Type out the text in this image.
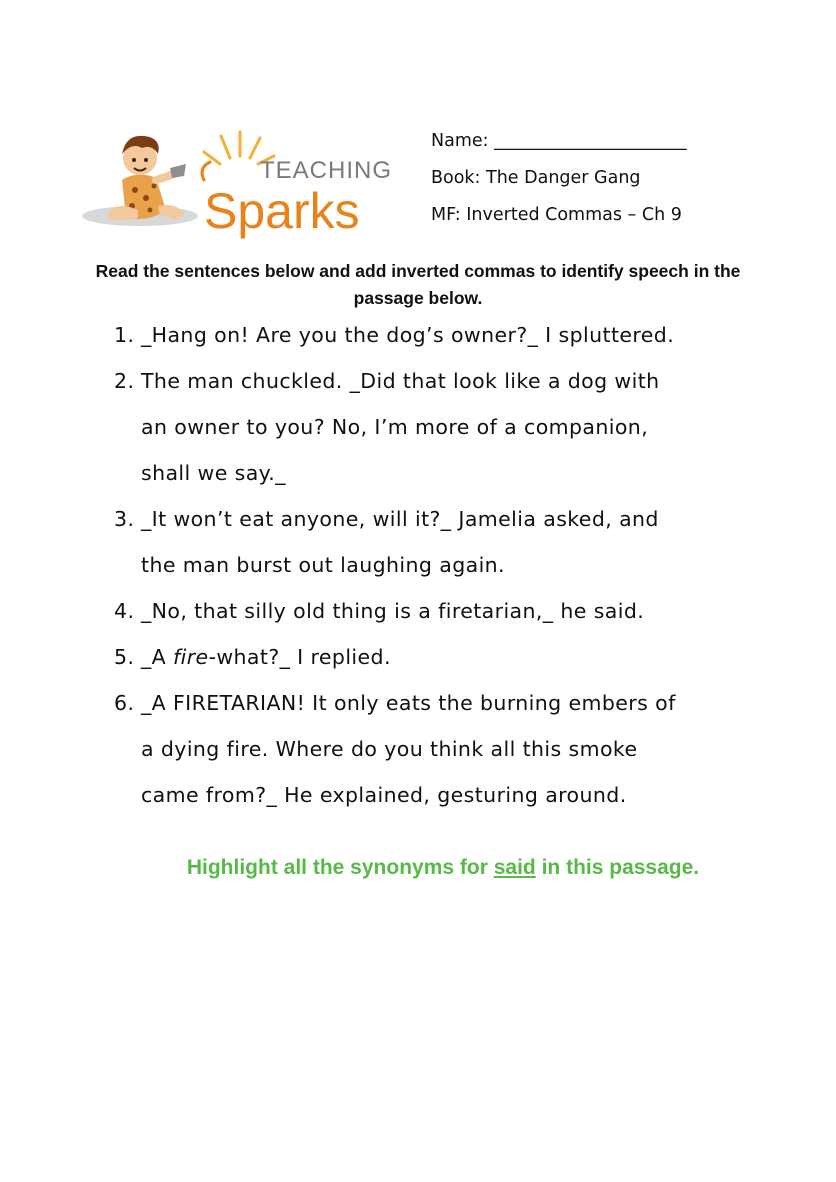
TEACHING
Sparks
Name: ______________________
Book: The Danger Gang
MF: Inverted Commas – Ch 9
Read the sentences below and add inverted commas to identify speech in the passage below.
1. _Hang on! Are you the dog’s owner?_ I spluttered.
2. The man chuckled. _Did that look like a dog with
an owner to you? No, I’m more of a companion,
shall we say._
3. _It won’t eat anyone, will it?_ Jamelia asked, and
the man burst out laughing again.
4. _No, that silly old thing is a firetarian,_ he said.
5. _A fire-what?_ I replied.
6. _A FIRETARIAN! It only eats the burning embers of
a dying fire. Where do you think all this smoke
came from?_ He explained, gesturing around.
Highlight all the synonyms for said in this passage.
